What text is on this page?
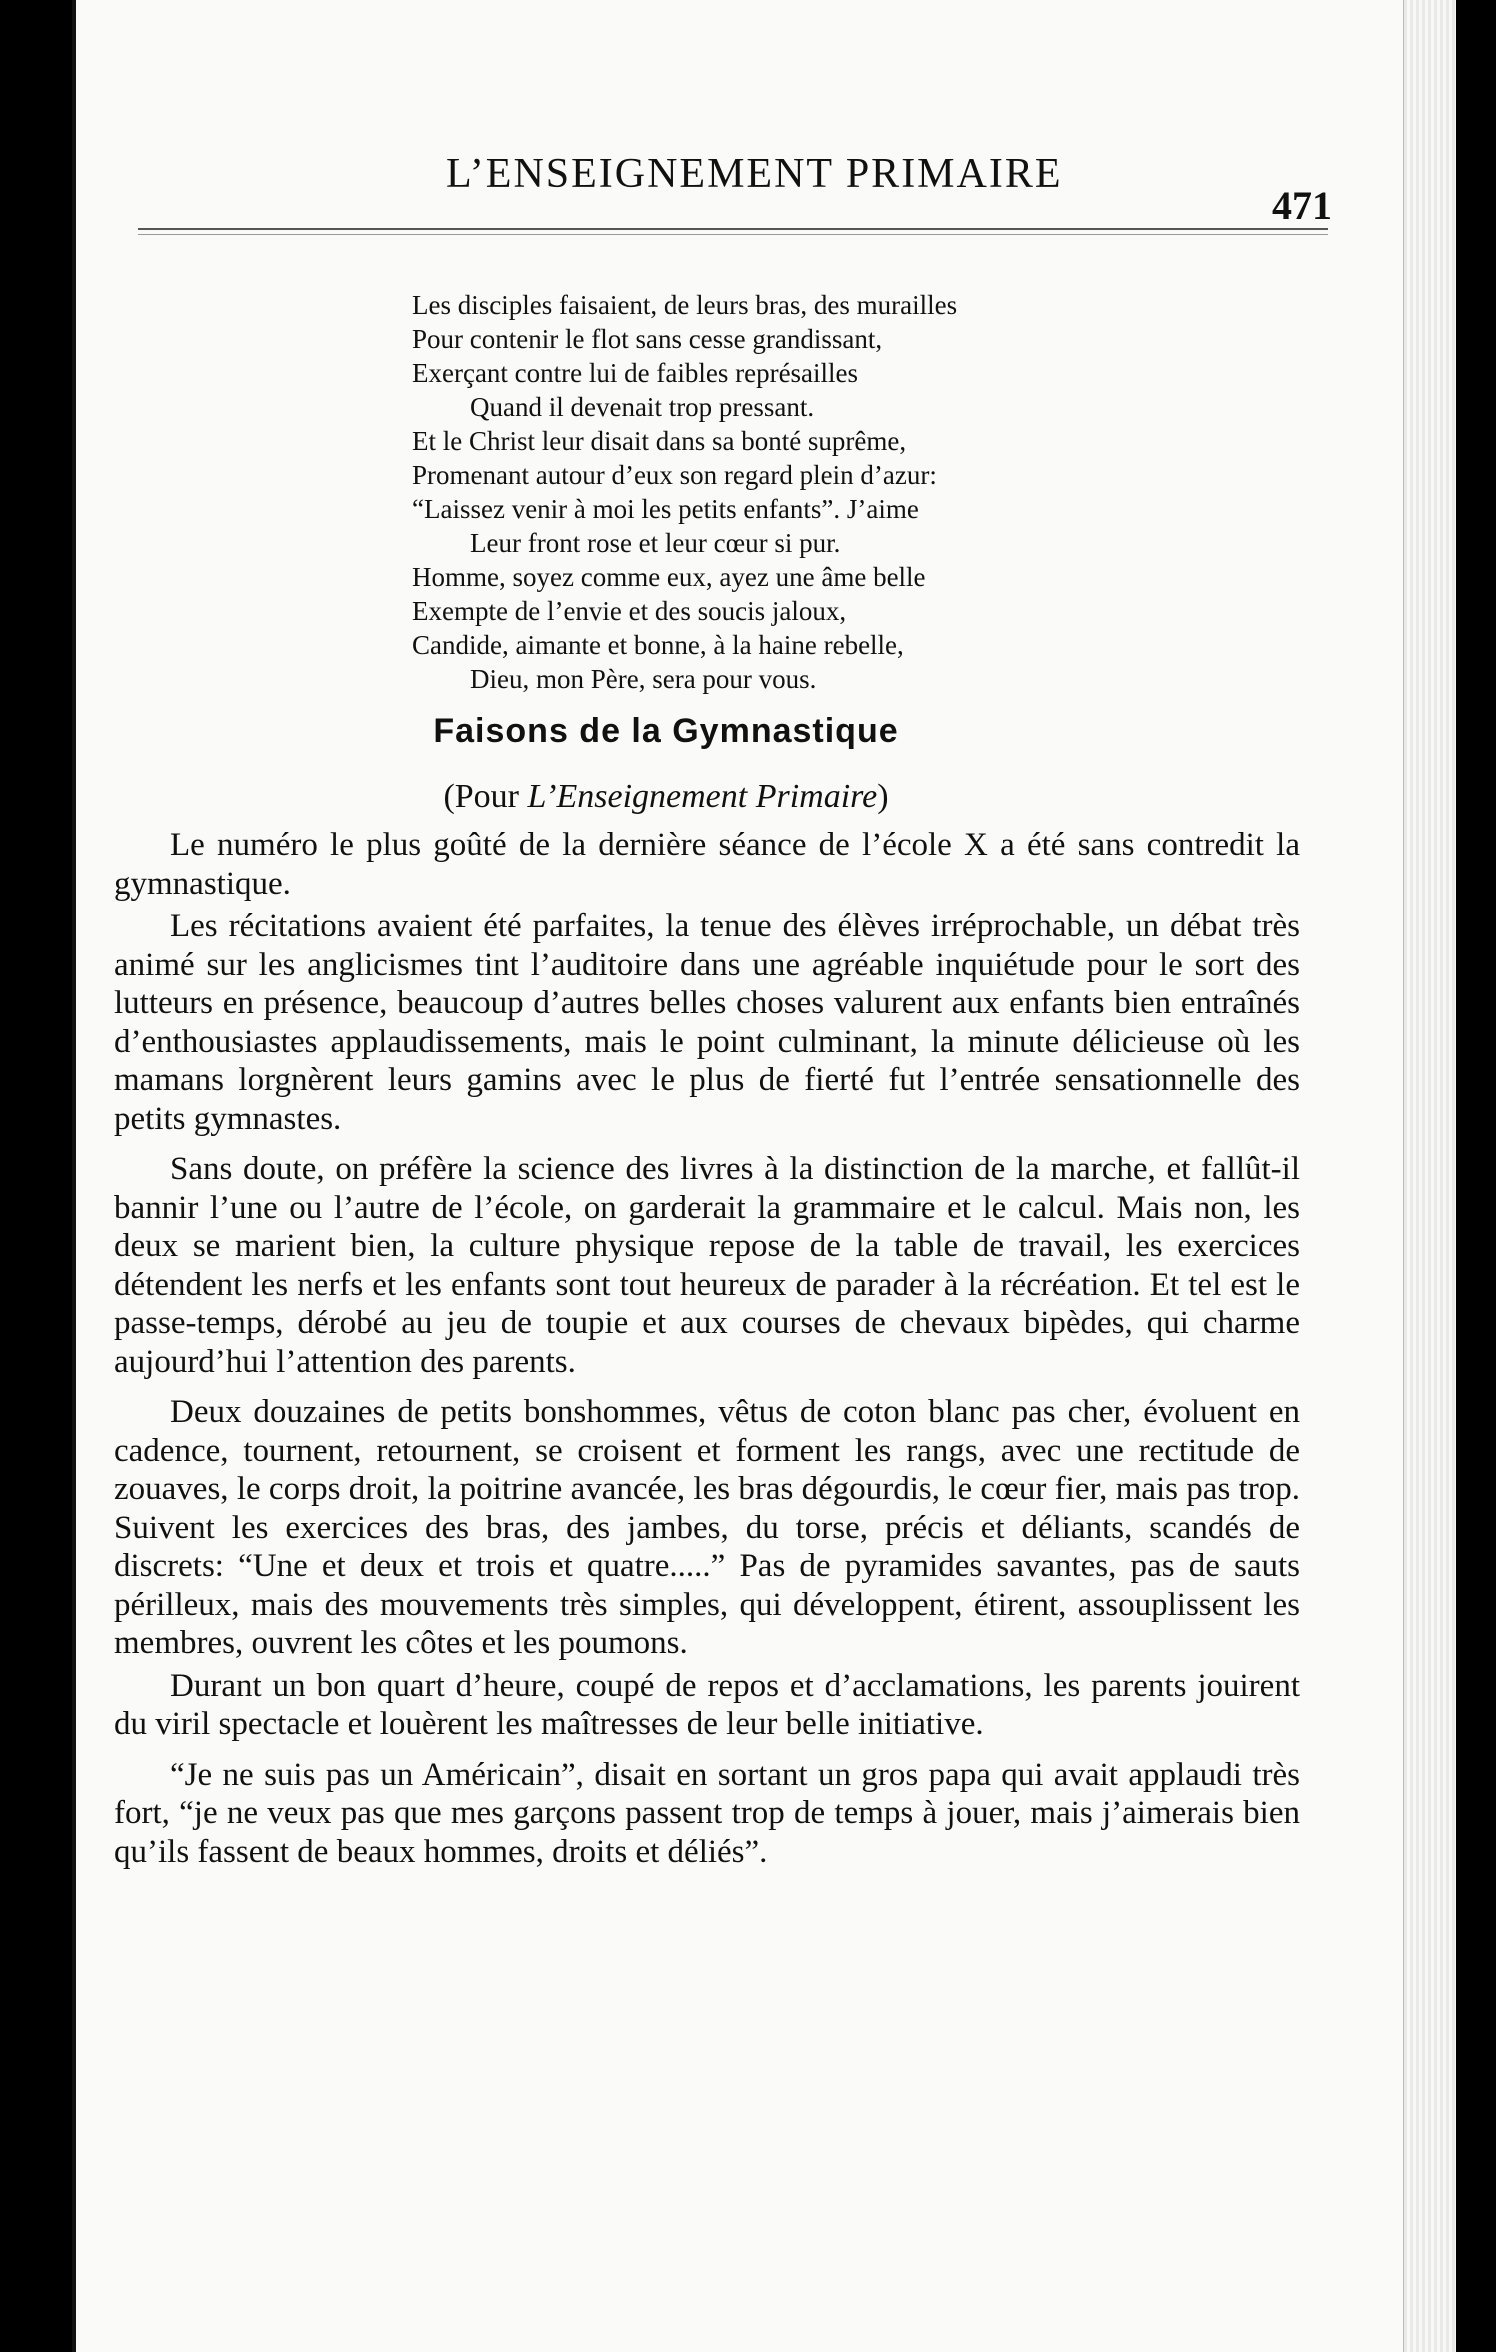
L’ENSEIGNEMENT PRIMAIRE
471
Les disciples faisaient, de leurs bras, des murailles
Pour contenir le flot sans cesse grandissant,
Exerçant contre lui de faibles représailles
Quand il devenait trop pressant.
Et le Christ leur disait dans sa bonté suprême,
Promenant autour d’eux son regard plein d’azur:
“Laissez venir à moi les petits enfants”. J’aime
Leur front rose et leur cœur si pur.
Homme, soyez comme eux, ayez une âme belle
Exempte de l’envie et des soucis jaloux,
Candide, aimante et bonne, à la haine rebelle,
Dieu, mon Père, sera pour vous.
Faisons de la Gymnastique
(Pour L’Enseignement Primaire)

Le numéro le plus goûté de la dernière séance de l’école X a été sans contredit la gymnastique.

Les récitations avaient été parfaites, la tenue des élèves irréprochable, un débat très animé sur les anglicismes tint l’auditoire dans une agréable inquiétude pour le sort des lutteurs en présence, beaucoup d’autres belles choses valurent aux enfants bien entraînés d’enthousiastes applaudissements, mais le point culminant, la minute délicieuse où les mamans lorgnèrent leurs gamins avec le plus de fierté fut l’entrée sensationnelle des petits gymnastes.

Sans doute, on préfère la science des livres à la distinction de la marche, et fallût-il bannir l’une ou l’autre de l’école, on garderait la grammaire et le calcul. Mais non, les deux se marient bien, la culture physique repose de la table de travail, les exercices détendent les nerfs et les enfants sont tout heureux de parader à la récréation. Et tel est le passe-temps, dérobé au jeu de toupie et aux courses de chevaux bipèdes, qui charme aujourd’hui l’attention des parents.

Deux douzaines de petits bonshommes, vêtus de coton blanc pas cher, évoluent en cadence, tournent, retournent, se croisent et forment les rangs, avec une rectitude de zouaves, le corps droit, la poitrine avancée, les bras dégourdis, le cœur fier, mais pas trop. Suivent les exercices des bras, des jambes, du torse, précis et déliants, scandés de discrets: “Une et deux et trois et quatre.....” Pas de pyramides savantes, pas de sauts périlleux, mais des mouvements très simples, qui développent, étirent, assouplissent les membres, ouvrent les côtes et les poumons.

Durant un bon quart d’heure, coupé de repos et d’acclamations, les parents jouirent du viril spectacle et louèrent les maîtresses de leur belle initiative.

“Je ne suis pas un Américain”, disait en sortant un gros papa qui avait applaudi très fort, “je ne veux pas que mes garçons passent trop de temps à jouer, mais j’aimerais bien qu’ils fassent de beaux hommes, droits et déliés”.
